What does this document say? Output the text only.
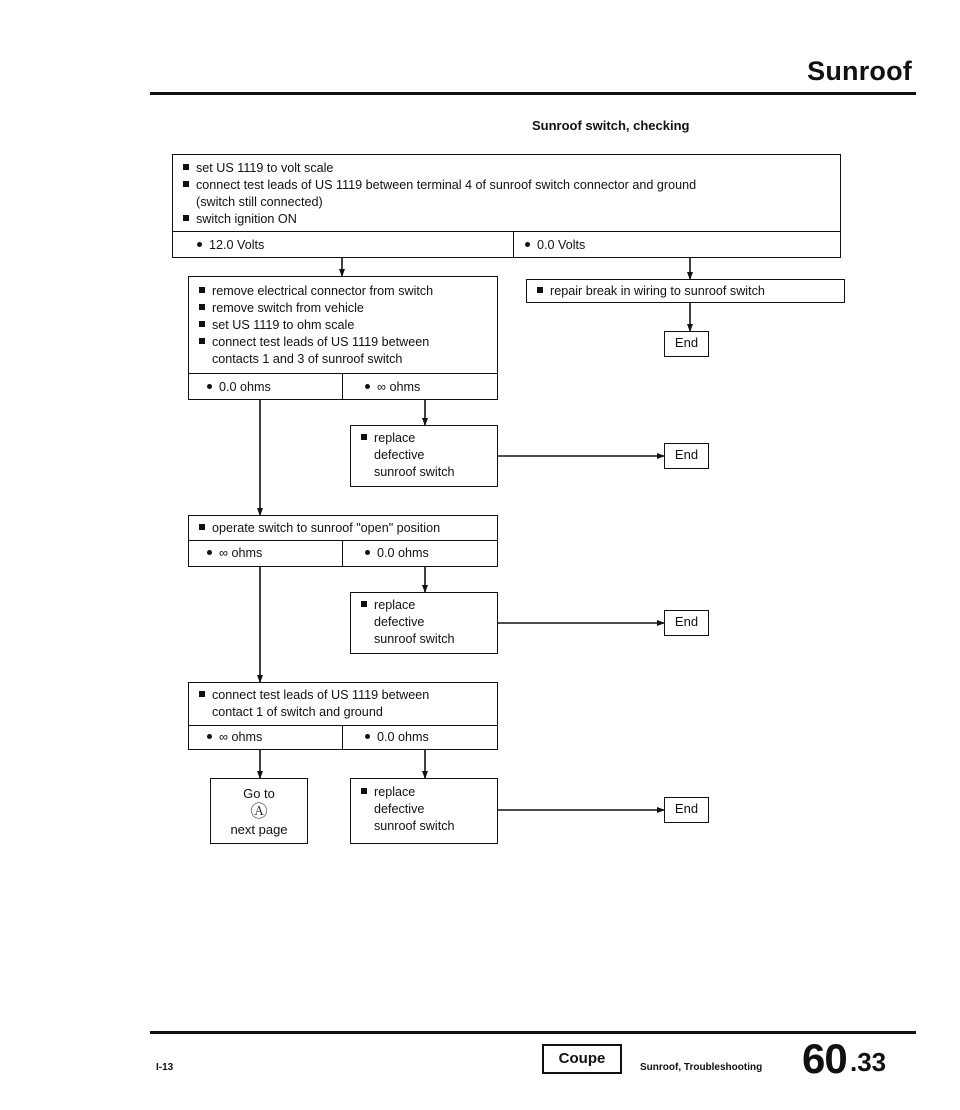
Sunroof
Sunroof switch, checking
set US 1119 to volt scale
connect test leads of US 1119 between terminal 4 of sunroof switch connector and ground
(switch still connected)
switch ignition ON
12.0 Volts	0.0 Volts
repair break in wiring to sunroof switch
End
remove electrical connector from switch
remove switch from vehicle
set US 1119 to ohm scale
connect test leads of US 1119 between
contacts 1 and 3 of sunroof switch
0.0 ohms	∞ ohms
replace
defective
sunroof switch
End
operate switch to sunroof "open" position
∞ ohms	0.0 ohms
replace
defective
sunroof switch
End
connect test leads of US 1119 between
contact 1 of switch and ground
∞ ohms	0.0 ohms
Go to
Ⓐ
next page
replace
defective
sunroof switch
End
I-13
Coupe
Sunroof, Troubleshooting 60 .33
